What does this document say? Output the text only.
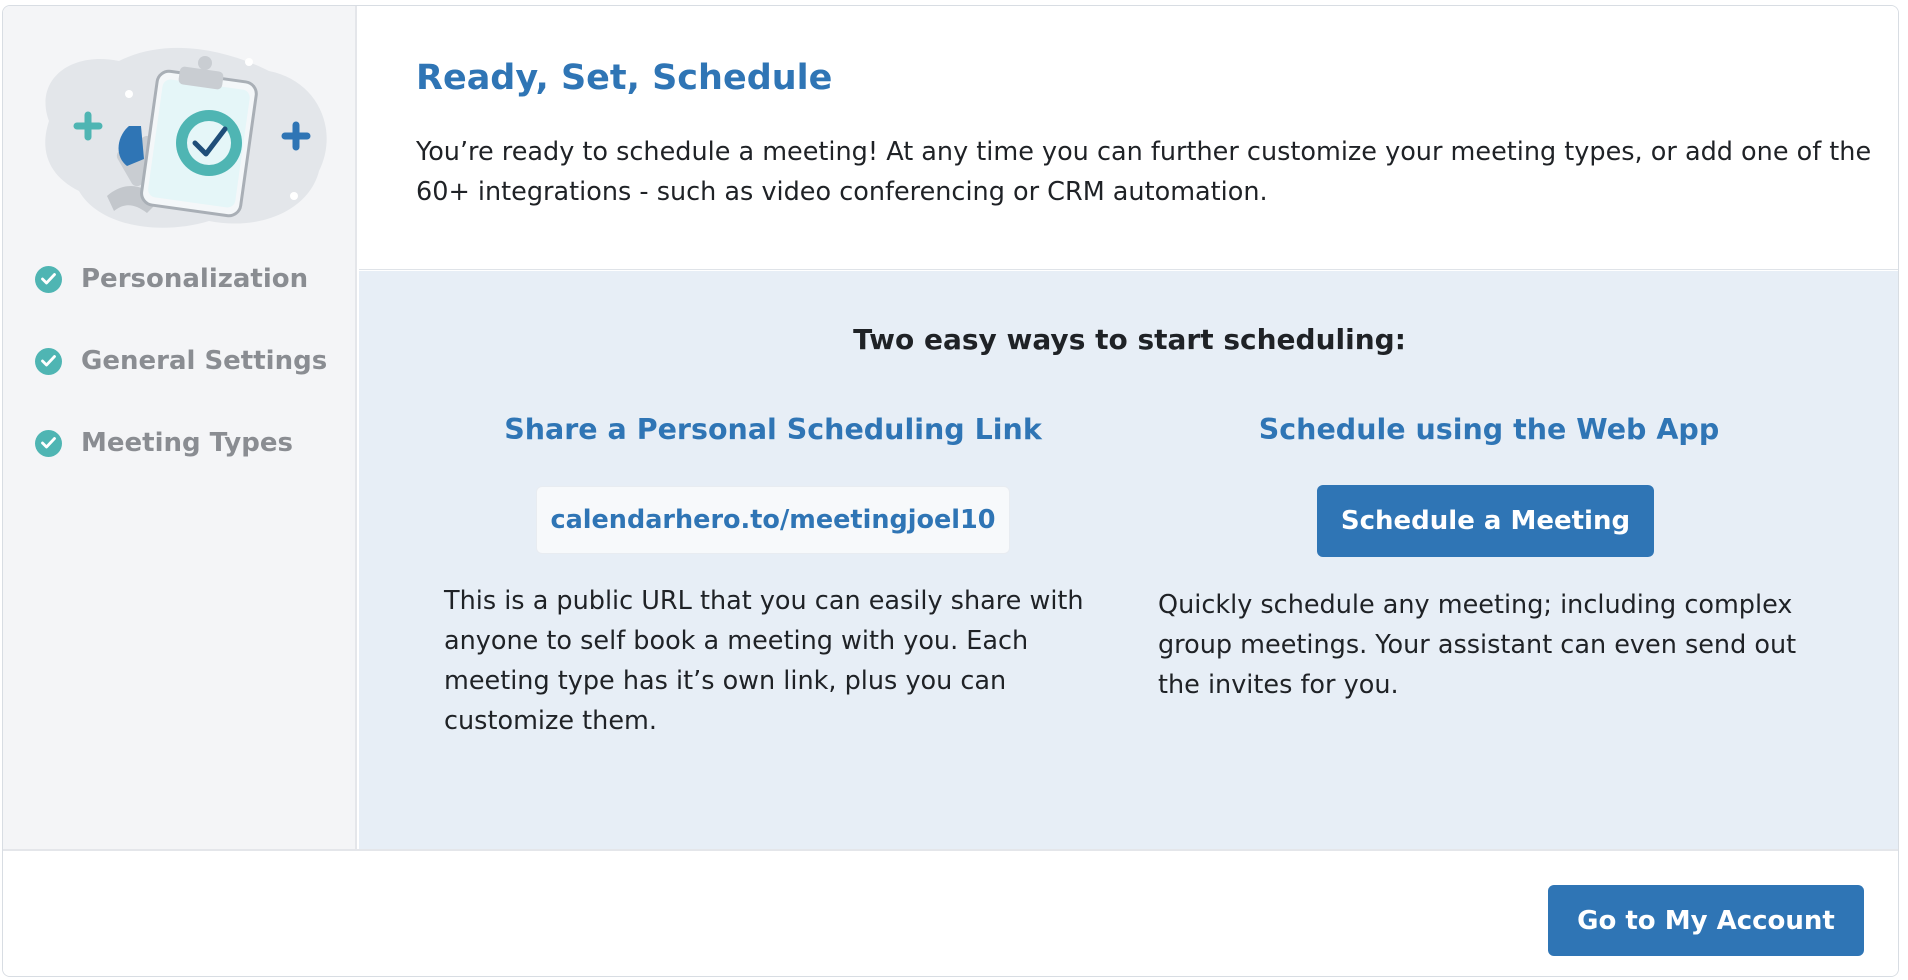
Personalization
General Settings
Meeting Types
Ready, Set, Schedule

You’re ready to schedule a meeting! At any time you can further customize your meeting types, or add one of the 60+ integrations - such as video conferencing or CRM automation.

Two easy ways to start scheduling:
Share a Personal Scheduling Link
calendarhero.to/meetingjoel10

This is a public URL that you can easily share with anyone to self book a meeting with you. Each meeting type has it’s own link, plus you can customize them.

Schedule using the Web App
Schedule a Meeting

Quickly schedule any meeting; including complex group meetings. Your assistant can even send out the invites for you.

Go to My Account
